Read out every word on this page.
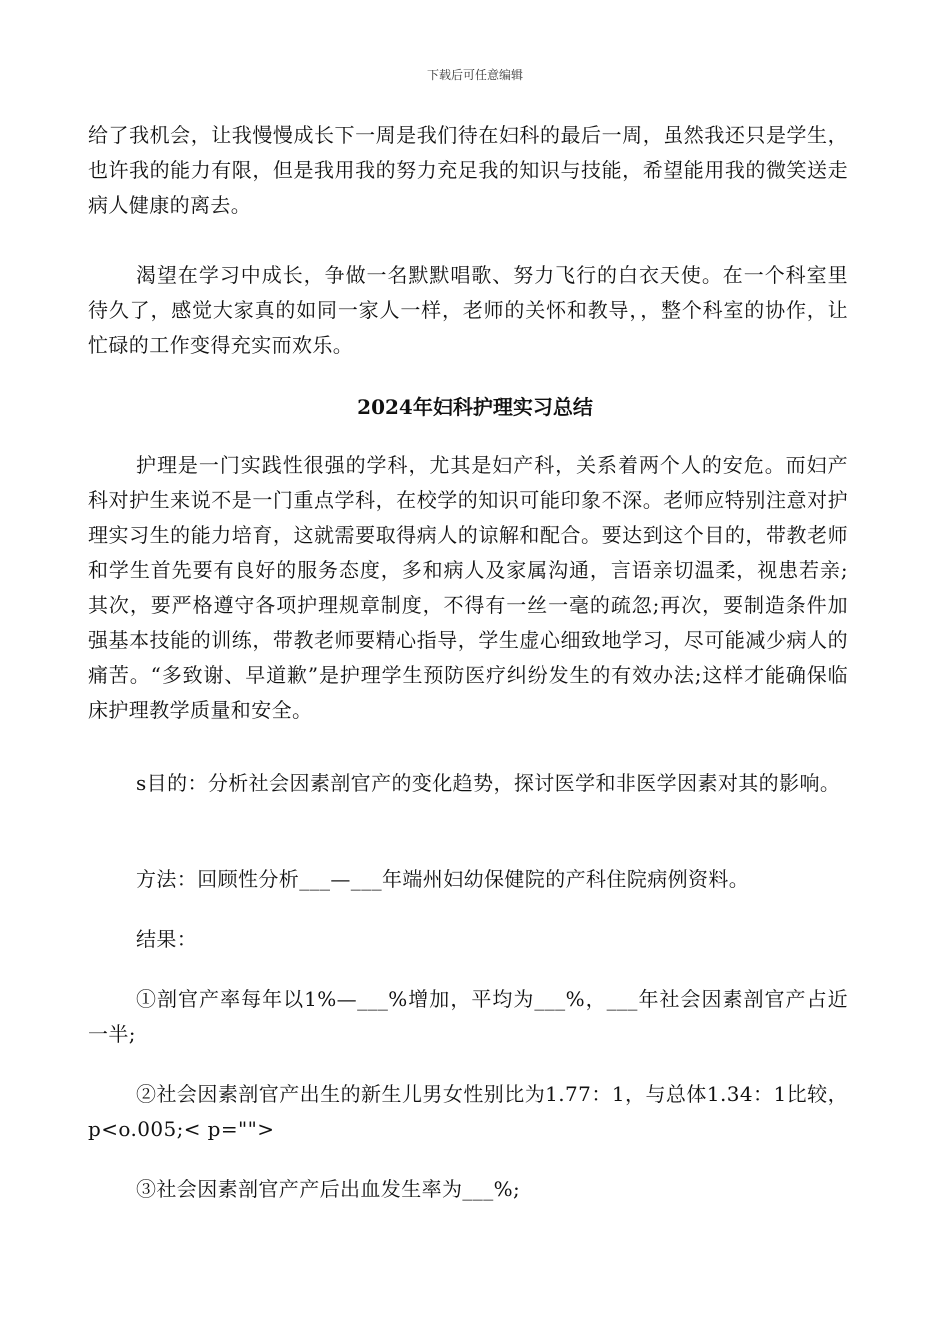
下载后可任意编辑

给了我机会，让我慢慢成长下一周是我们待在妇科的最后一周，虽然我还只是学生，也许我的能力有限，但是我用我的努力充足我的知识与技能，希望能用我的微笑送走病人健康的离去。

渴望在学习中成长，争做一名默默唱歌、努力飞行的白衣天使。在一个科室里待久了，感觉大家真的如同一家人一样，老师的关怀和教导，，整个科室的协作，让忙碌的工作变得充实而欢乐。

2024年妇科护理实习总结

护理是一门实践性很强的学科，尤其是妇产科，关系着两个人的安危。而妇产科对护生来说不是一门重点学科，在校学的知识可能印象不深。老师应特别注意对护理实习生的能力培育，这就需要取得病人的谅解和配合。要达到这个目的，带教老师和学生首先要有良好的服务态度，多和病人及家属沟通，言语亲切温柔，视患若亲;其次，要严格遵守各项护理规章制度，不得有一丝一毫的疏忽;再次，要制造条件加强基本技能的训练，带教老师要精心指导，学生虚心细致地学习，尽可能减少病人的痛苦。“多致谢、早道歉”是护理学生预防医疗纠纷发生的有效办法;这样才能确保临床护理教学质量和安全。

s目的：分析社会因素剖官产的变化趋势，探讨医学和非医学因素对其的影响。

方法：回顾性分析___—___年端州妇幼保健院的产科住院病例资料。

结果：

①剖官产率每年以1%—___%增加，平均为___%，___年社会因素剖官产占近一半;

②社会因素剖官产出生的新生儿男女性别比为1.77：1，与总体1.34：1比较，p<o.005;< p="">

③社会因素剖官产产后出血发生率为___%;
